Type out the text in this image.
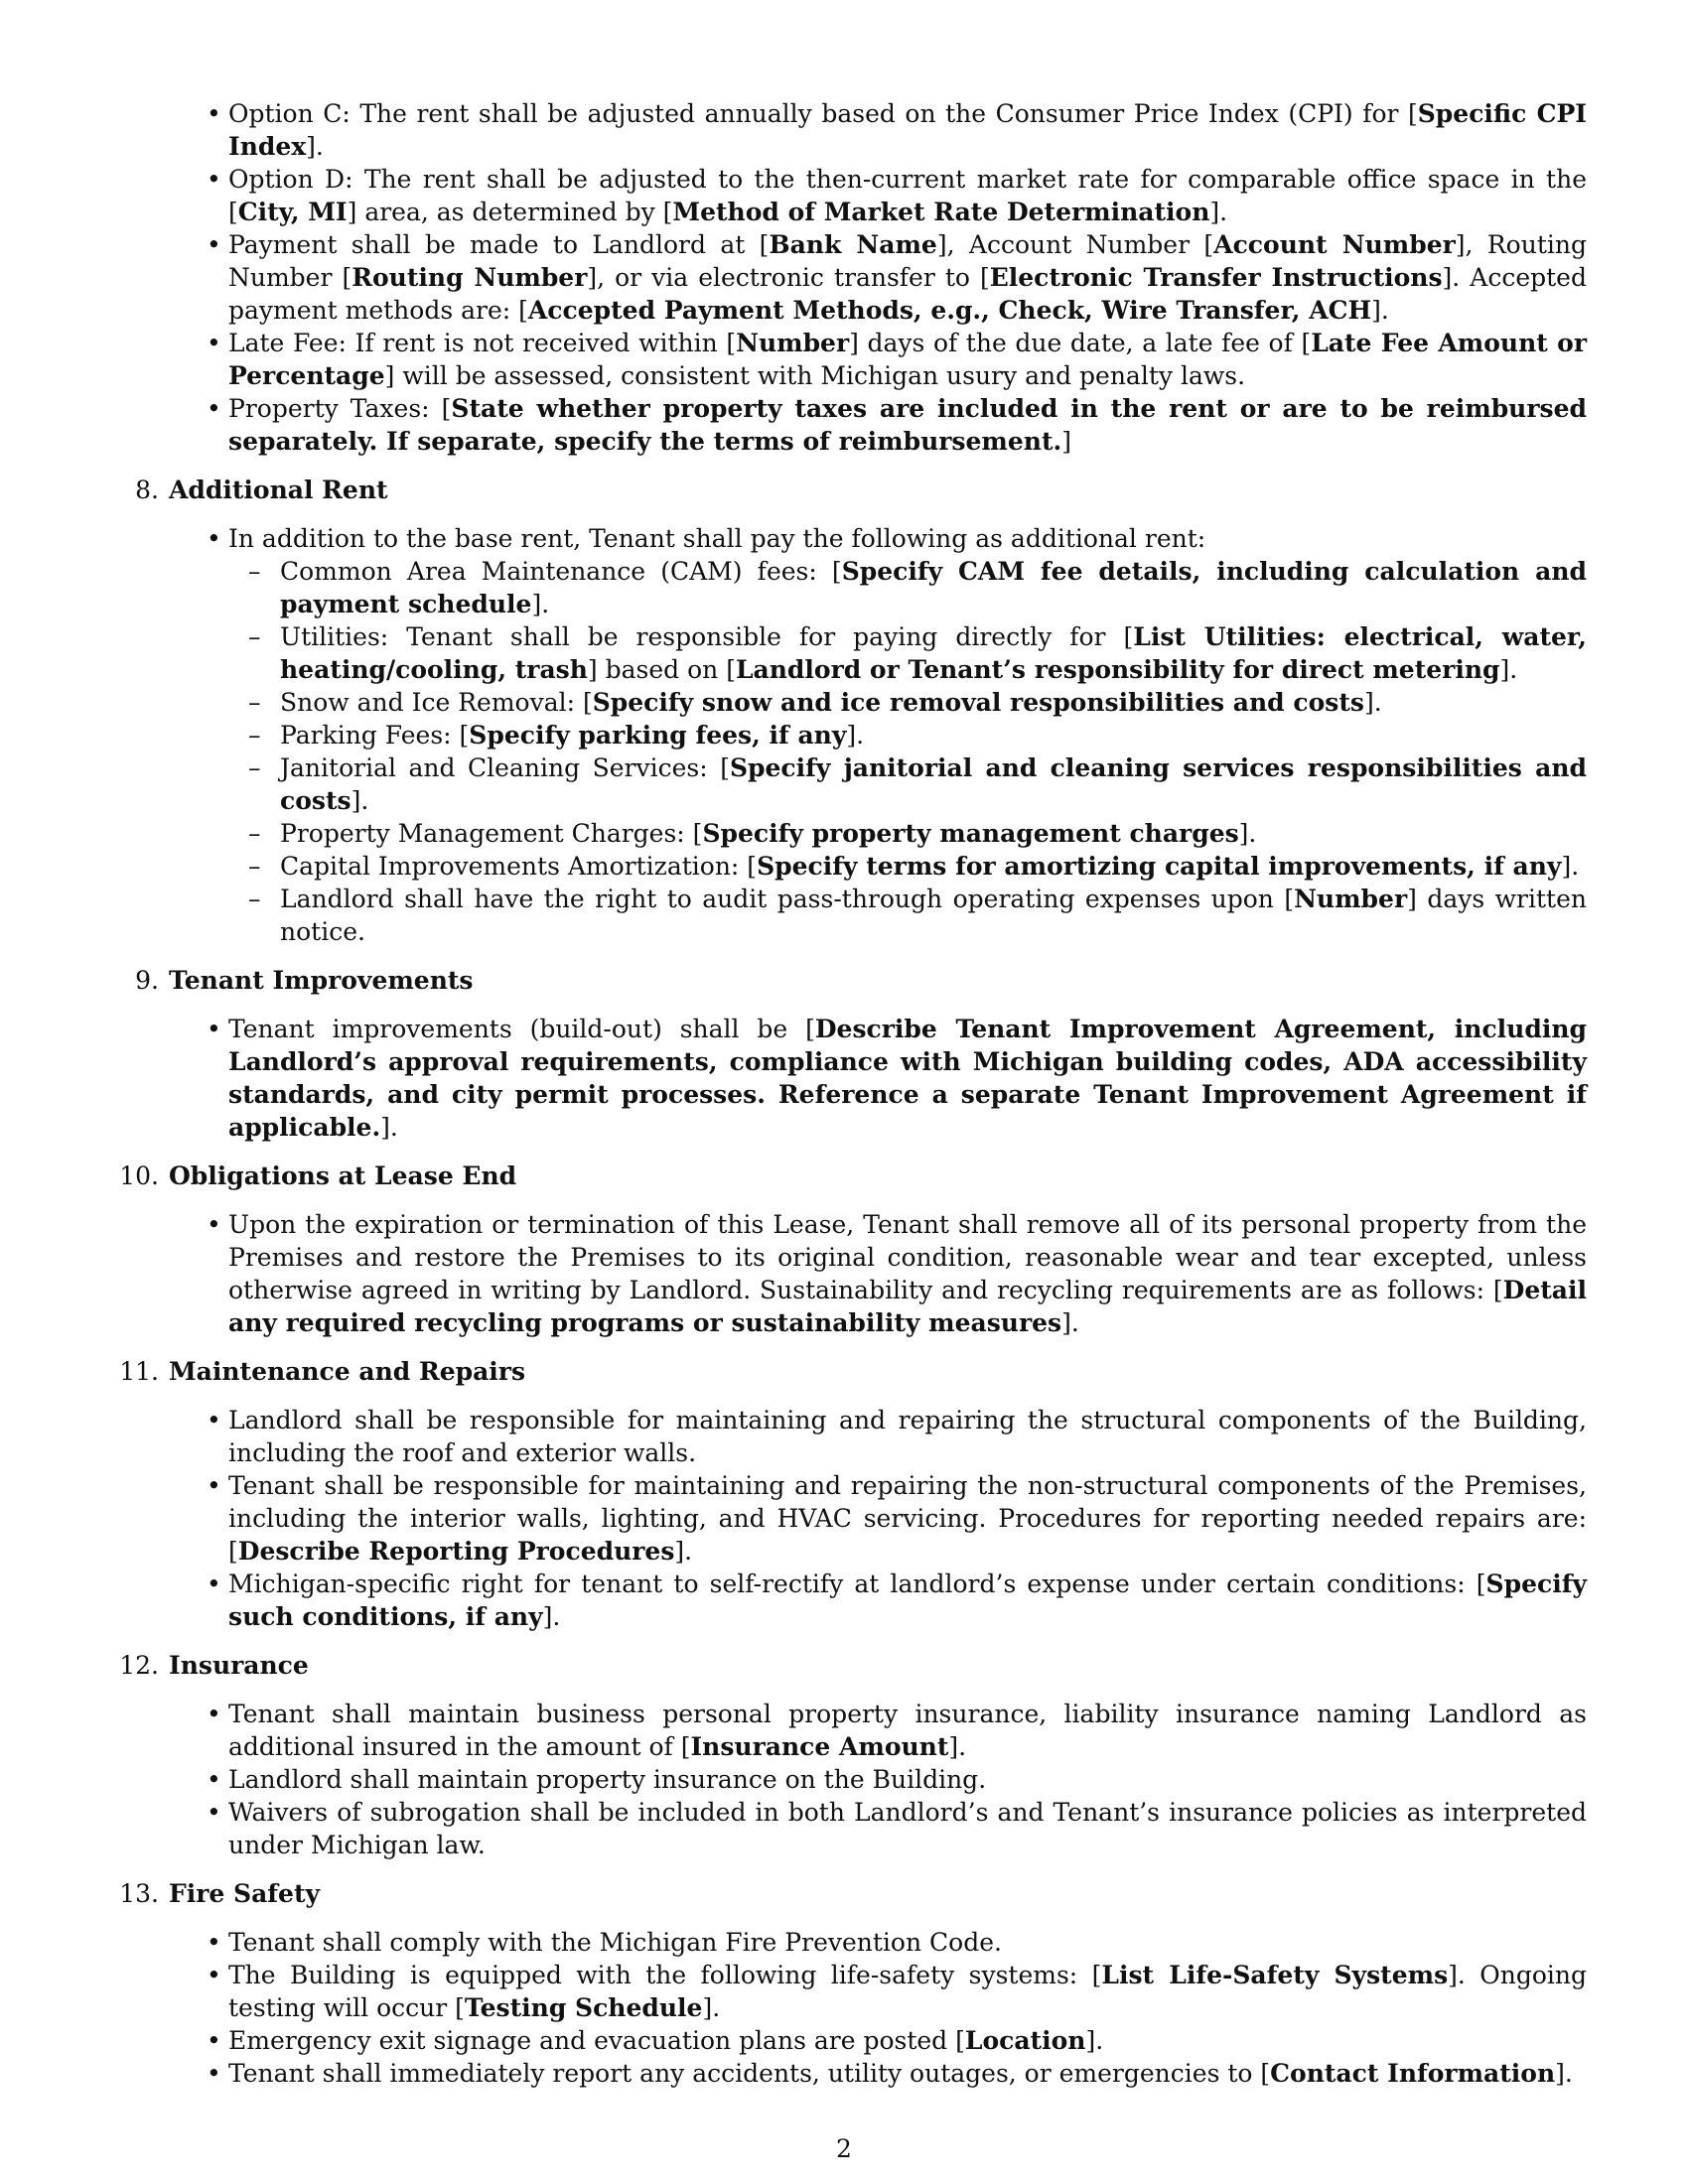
• Option C: The rent shall be adjusted annually based on the Consumer Price Index (CPI) for [Specific CPI Index].
• Option D: The rent shall be adjusted to the then-current market rate for comparable office space in the [City, MI] area, as determined by [Method of Market Rate Determination].
• Payment shall be made to Landlord at [Bank Name], Account Number [Account Number], Routing Number [Routing Number], or via electronic transfer to [Electronic Transfer Instructions]. Accepted payment methods are: [Accepted Payment Methods, e.g., Check, Wire Transfer, ACH].
• Late Fee: If rent is not received within [Number] days of the due date, a late fee of [Late Fee Amount or Percentage] will be assessed, consistent with Michigan usury and penalty laws.
• Property Taxes: [State whether property taxes are included in the rent or are to be reimbursed separately. If separate, specify the terms of reimbursement.]
8. Additional Rent
• In addition to the base rent, Tenant shall pay the following as additional rent:
– Common Area Maintenance (CAM) fees: [Specify CAM fee details, including calculation and payment schedule].
– Utilities: Tenant shall be responsible for paying directly for [List Utilities: electrical, water, heating/cooling, trash] based on [Landlord or Tenant’s responsibility for direct metering].
– Snow and Ice Removal: [Specify snow and ice removal responsibilities and costs].
– Parking Fees: [Specify parking fees, if any].
– Janitorial and Cleaning Services: [Specify janitorial and cleaning services responsibilities and costs].
– Property Management Charges: [Specify property management charges].
– Capital Improvements Amortization: [Specify terms for amortizing capital improvements, if any].
– Landlord shall have the right to audit pass-through operating expenses upon [Number] days written notice.
9. Tenant Improvements
• Tenant improvements (build-out) shall be [Describe Tenant Improvement Agreement, including Landlord’s approval requirements, compliance with Michigan building codes, ADA accessibility standards, and city permit processes. Reference a separate Tenant Improvement Agreement if applicable.].
10. Obligations at Lease End
• Upon the expiration or termination of this Lease, Tenant shall remove all of its personal property from the Premises and restore the Premises to its original condition, reasonable wear and tear excepted, unless otherwise agreed in writing by Landlord. Sustainability and recycling requirements are as follows: [Detail any required recycling programs or sustainability measures].
11. Maintenance and Repairs
• Landlord shall be responsible for maintaining and repairing the structural components of the Building, including the roof and exterior walls.
• Tenant shall be responsible for maintaining and repairing the non-structural components of the Premises, including the interior walls, lighting, and HVAC servicing. Procedures for reporting needed repairs are: [Describe Reporting Procedures].
• Michigan-specific right for tenant to self-rectify at landlord’s expense under certain conditions: [Specify such conditions, if any].
12. Insurance
• Tenant shall maintain business personal property insurance, liability insurance naming Landlord as additional insured in the amount of [Insurance Amount].
• Landlord shall maintain property insurance on the Building.
• Waivers of subrogation shall be included in both Landlord’s and Tenant’s insurance policies as interpreted under Michigan law.
13. Fire Safety
• Tenant shall comply with the Michigan Fire Prevention Code.
• The Building is equipped with the following life-safety systems: [List Life-Safety Systems]. Ongoing testing will occur [Testing Schedule].
• Emergency exit signage and evacuation plans are posted [Location].
• Tenant shall immediately report any accidents, utility outages, or emergencies to [Contact Information].
2
